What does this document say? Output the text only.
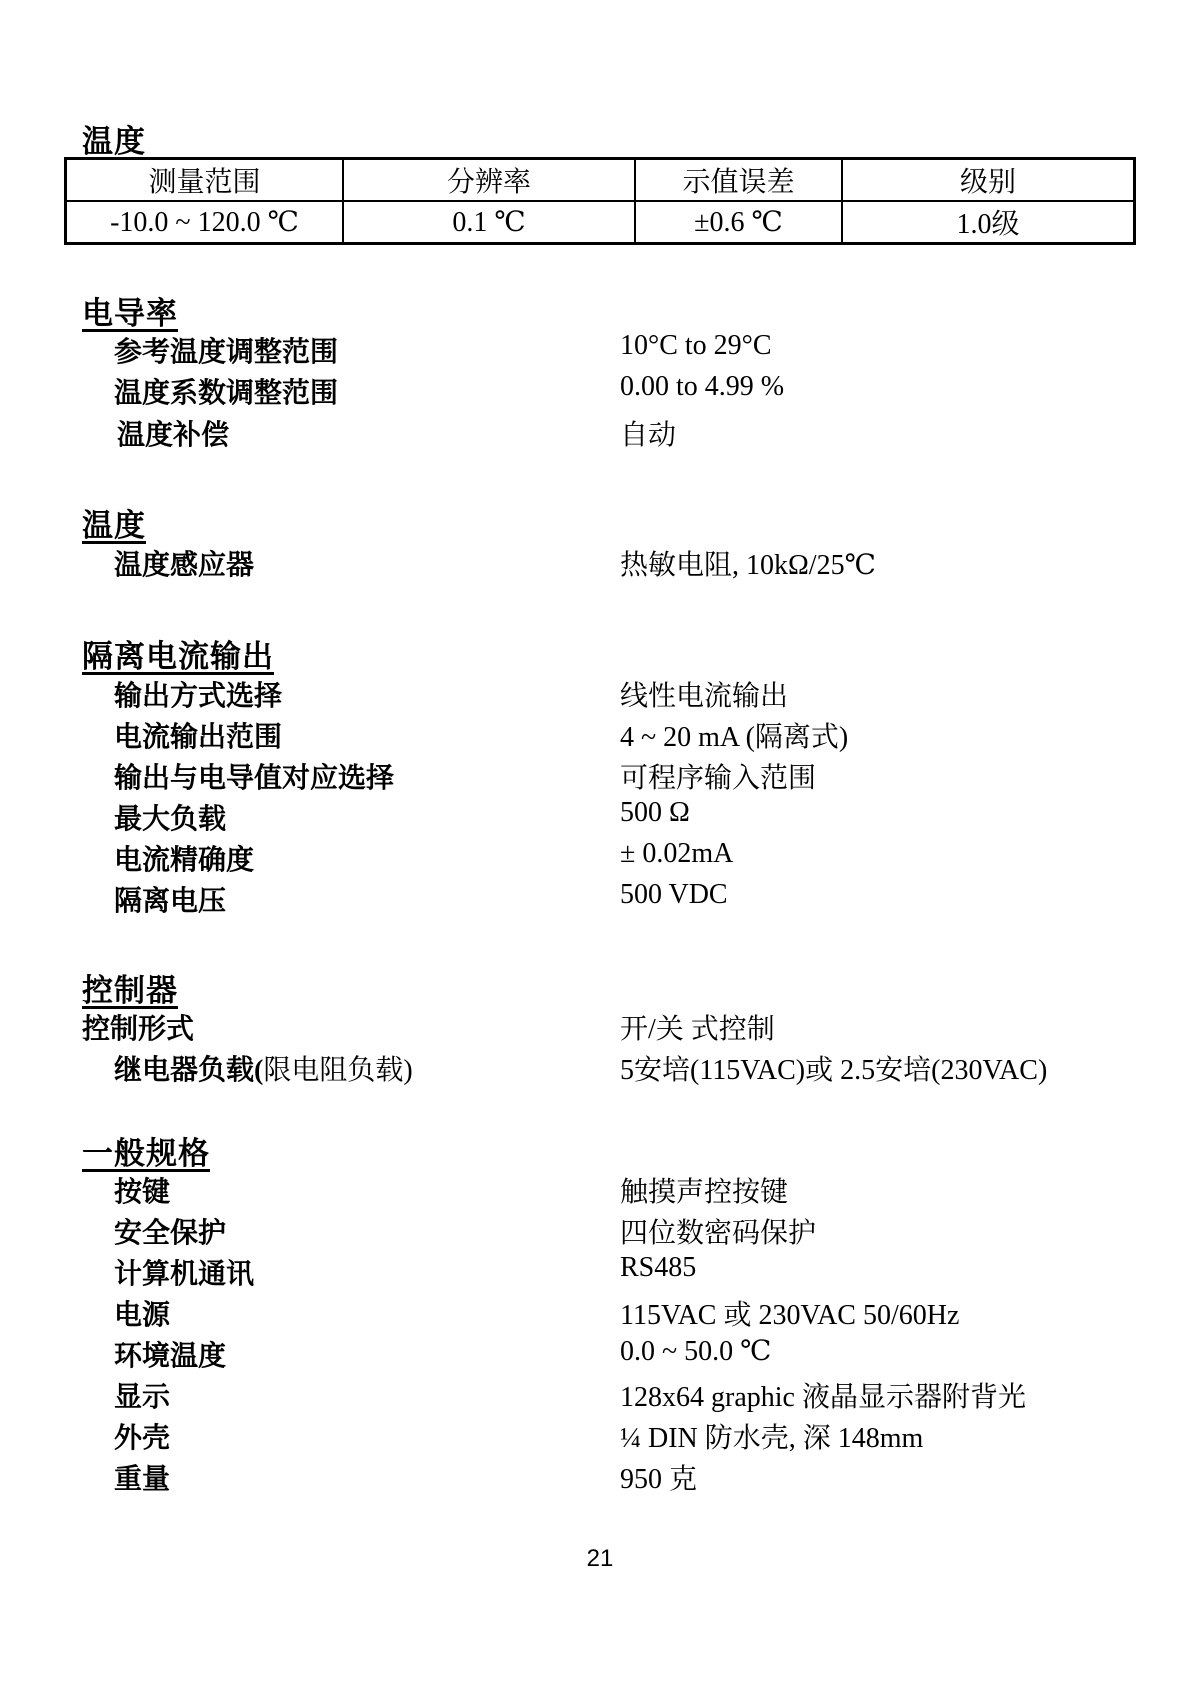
温度
测量范围	分辨率	示值误差	级别
-10.0 ~ 120.0 ℃	0.1 ℃	±0.6 ℃	1.0级
电导率
参考温度调整范围	10°C to 29°C
温度系数调整范围	0.00 to 4.99 %
温度补偿	自动
温度
温度感应器	热敏电阻, 10kΩ/25℃
隔离电流输出
输出方式选择	线性电流输出
电流输出范围	4 ~ 20 mA (隔离式)
输出与电导值对应选择	可程序输入范围
最大负载	500 Ω
电流精确度	± 0.02mA
隔离电压	500 VDC
控制器
控制形式	开/关 式控制
继电器负载(限电阻负载)	5安培(115VAC)或 2.5安培(230VAC)
一般规格
按键	触摸声控按键
安全保护	四位数密码保护
计算机通讯	RS485
电源	115VAC 或 230VAC 50/60Hz
环境温度	0.0 ~ 50.0 ℃
显示	128x64 graphic 液晶显示器附背光
外壳	¼ DIN 防水壳, 深 148mm
重量	950 克
21
